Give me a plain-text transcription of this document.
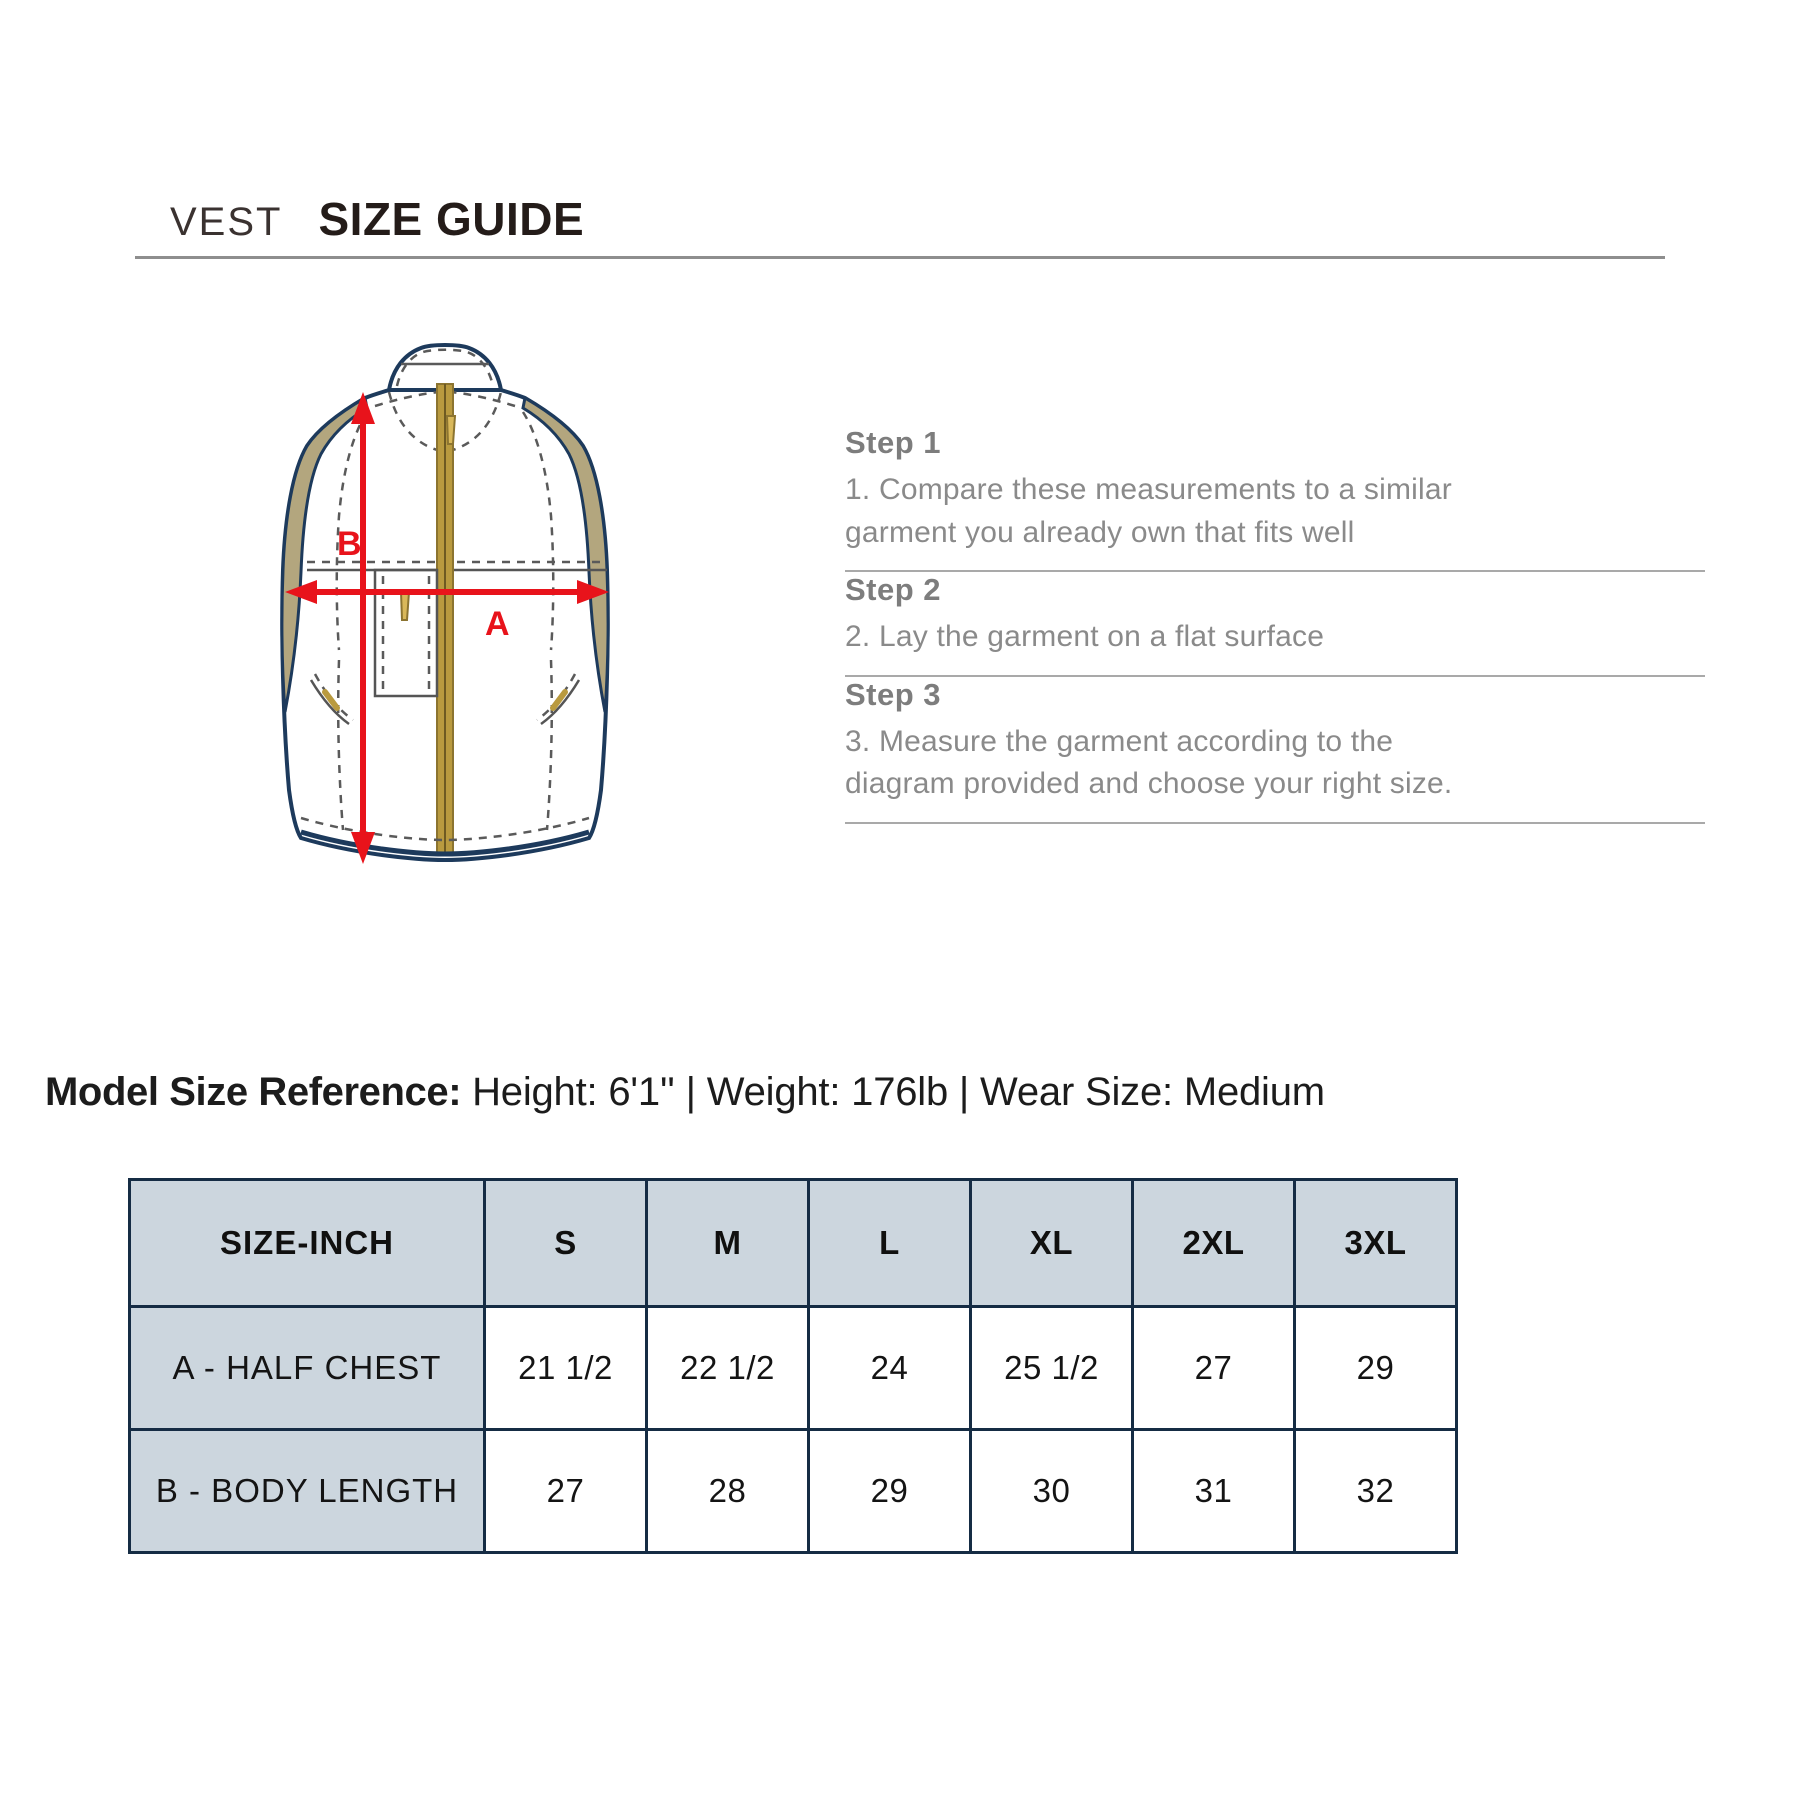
VEST SIZE GUIDE
B
A
Step 1
1. Compare these measurements to a similar
garment you already own that fits well
Step 2
2. Lay the garment on a flat surface
Step 3
3. Measure the garment according to the
diagram provided and choose your right size.
Model Size Reference: Height: 6'1'' | Weight: 176lb | Wear Size: Medium
SIZE-INCH	S	M	L	XL	2XL	3XL
A - HALF CHEST	21 1/2	22 1/2	24	25 1/2	27	29
B - BODY LENGTH	27	28	29	30	31	32
